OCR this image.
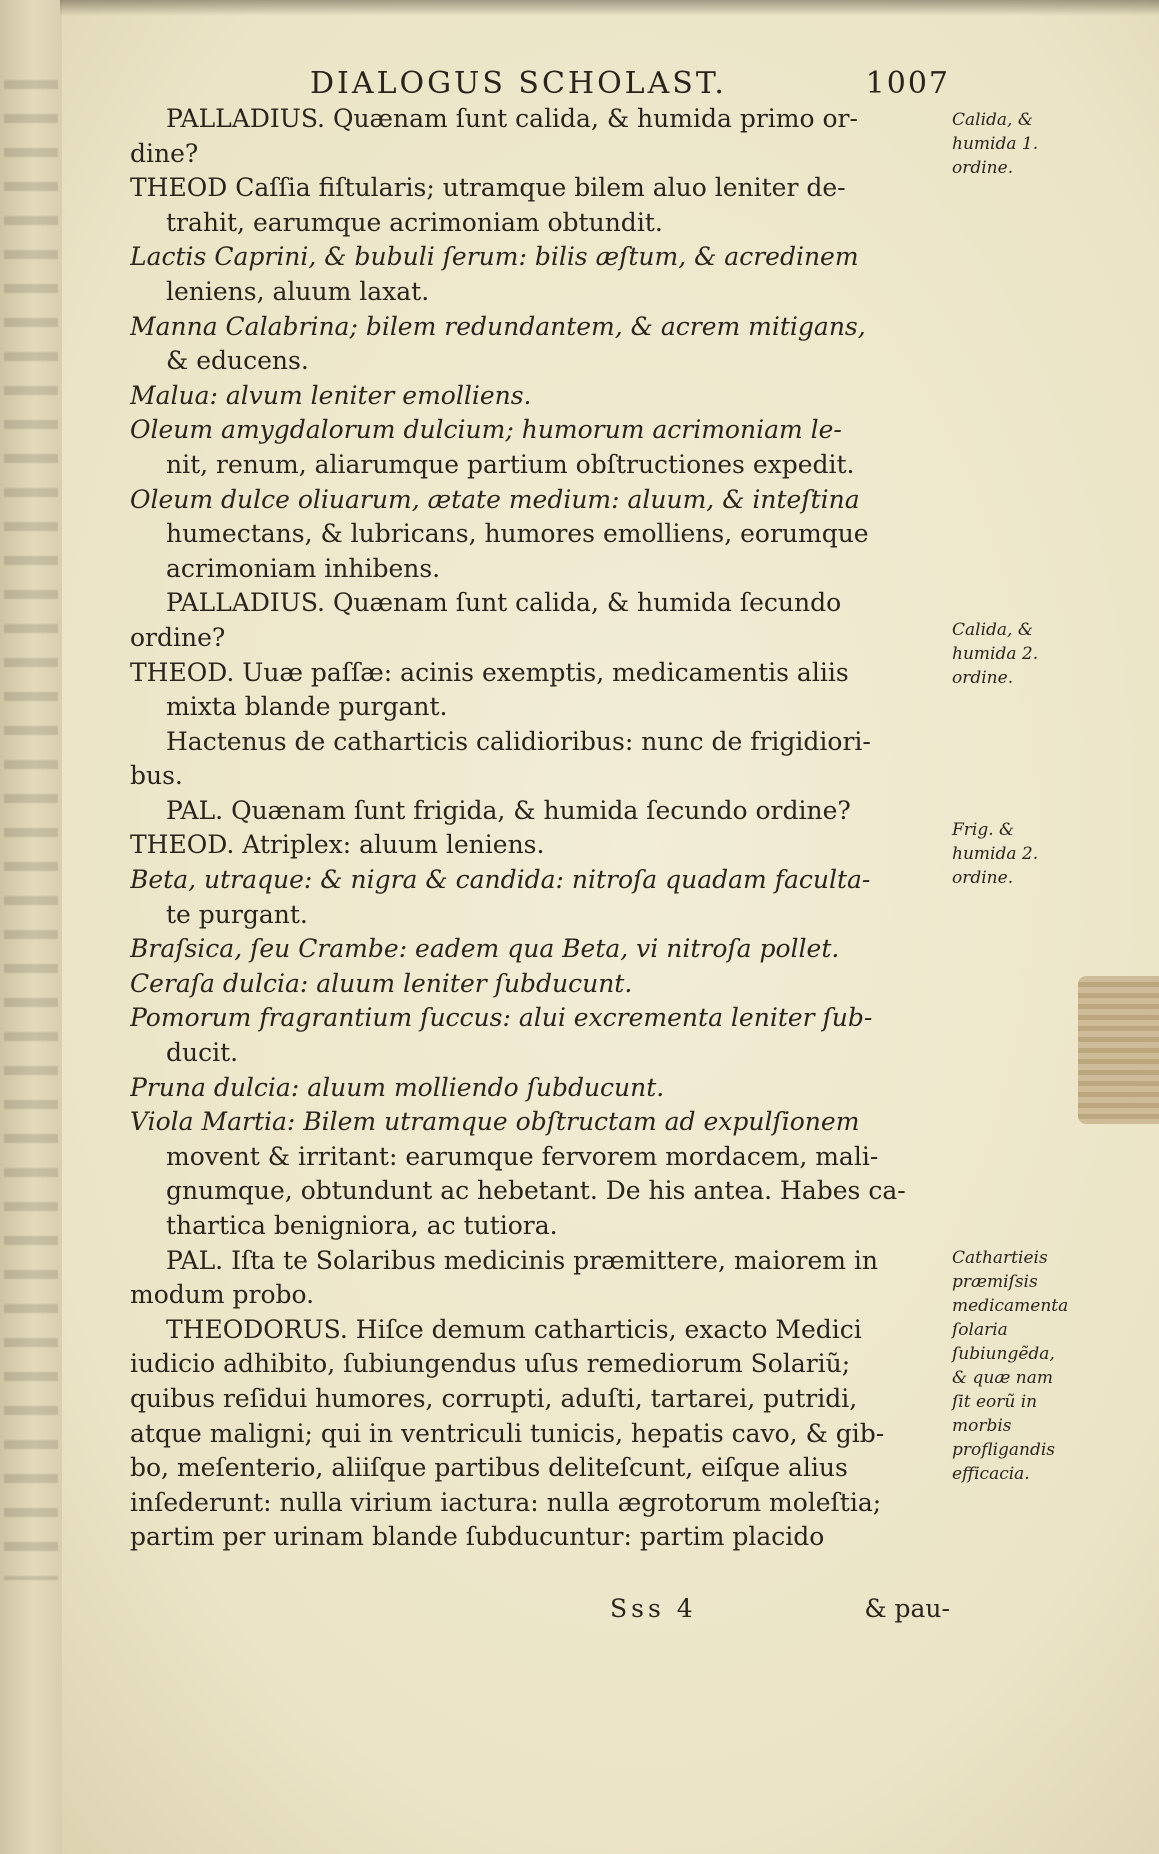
DIALOGUS SCHOLAST.	1007
PALLADIUS. Quænam ſunt calida, & humida primo or-
dine?
THEOD Caſſia fiſtularis; utramque bilem aluo leniter de-
trahit, earumque acrimoniam obtundit.
Lactis Caprini, & bubuli ſerum: bilis æſtum, & acredinem
leniens, aluum laxat.
Manna Calabrina; bilem redundantem, & acrem mitigans,
& educens.
Malua: alvum leniter emolliens.
Oleum amygdalorum dulcium; humorum acrimoniam le-
nit, renum, aliarumque partium obſtructiones expedit.
Oleum dulce oliuarum, ætate medium: aluum, & inteſtina
humectans, & lubricans, humores emolliens, eorumque
acrimoniam inhibens.
PALLADIUS. Quænam ſunt calida, & humida ſecundo
ordine?
THEOD. Uuæ paſſæ: acinis exemptis, medicamentis aliis
mixta blande purgant.
Hactenus de catharticis calidioribus: nunc de frigidiori-
bus.
PAL. Quænam ſunt frigida, & humida ſecundo ordine?
THEOD. Atriplex: aluum leniens.
Beta, utraque: & nigra & candida: nitroſa quadam faculta-
te purgant.
Braſsica, ſeu Crambe: eadem qua Beta, vi nitroſa pollet.
Ceraſa dulcia: aluum leniter ſubducunt.
Pomorum fragrantium ſuccus: alui excrementa leniter ſub-
ducit.
Pruna dulcia: aluum molliendo ſubducunt.
Viola Martia: Bilem utramque obſtructam ad expulſionem
movent & irritant: earumque fervorem mordacem, mali-
gnumque, obtundunt ac hebetant. De his antea. Habes ca-
thartica benigniora, ac tutiora.
PAL. Iſta te Solaribus medicinis præmittere, maiorem in
modum probo.
THEODORUS. Hiſce demum catharticis, exacto Medici
iudicio adhibito, ſubiungendus uſus remediorum Solariũ;
quibus reſidui humores, corrupti, aduſti, tartarei, putridi,
atque maligni; qui in ventriculi tunicis, hepatis cavo, & gib-
bo, meſenterio, aliiſque partibus deliteſcunt, eiſque alius
inſederunt: nulla virium iactura: nulla ægrotorum moleſtia;
partim per urinam blande ſubducuntur: partim placido
Calida, & humida 1. ordine.
Calida, & humida 2. ordine.
Frig. & humida 2. ordine.
Cathartieis præmiſsis medicamenta ſolaria ſubiungẽda, & quæ nam ſit eorũ in morbis profligandis efficacia.
Sss 4	& pau-
